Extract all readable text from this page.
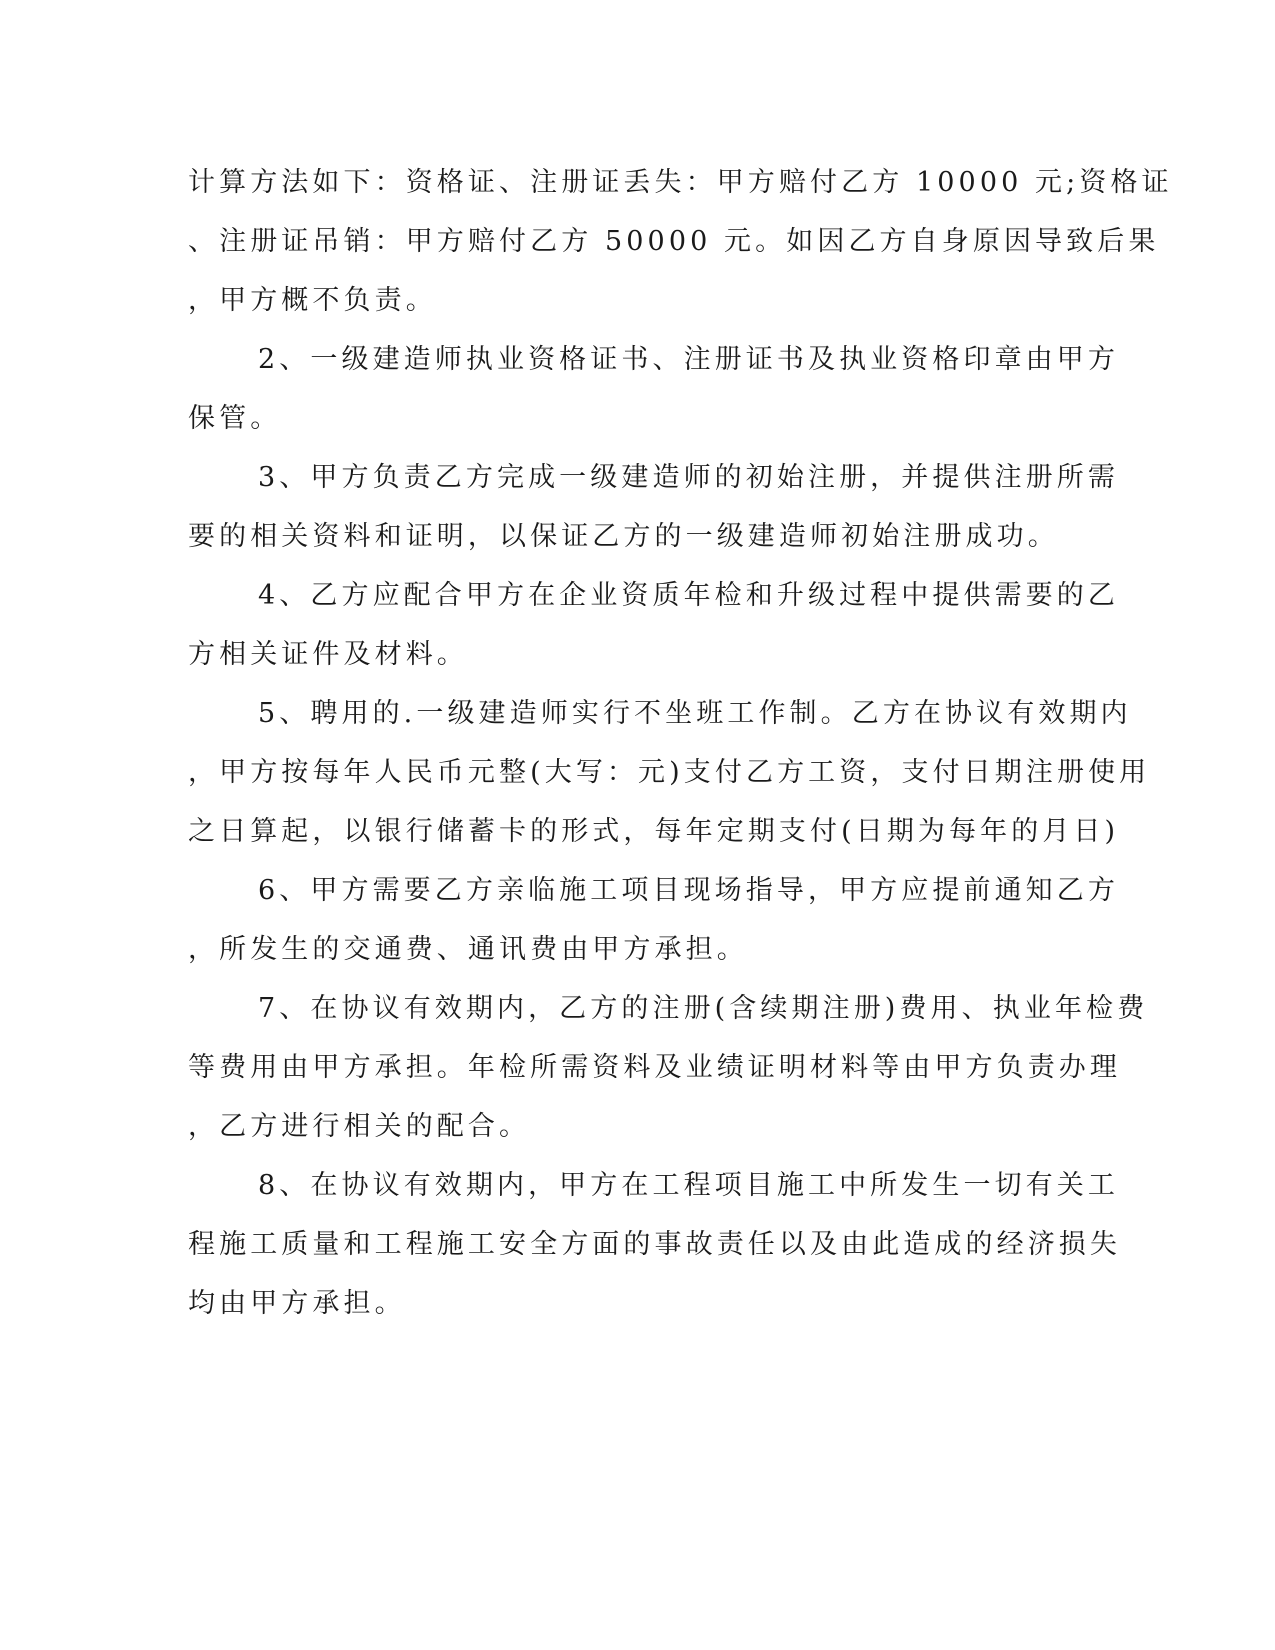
计算方法如下：资格证、注册证丢失：甲方赔付乙方 10000 元;资格证
、注册证吊销：甲方赔付乙方 50000 元。如因乙方自身原因导致后果
，甲方概不负责。
2、一级建造师执业资格证书、注册证书及执业资格印章由甲方
保管。
3、甲方负责乙方完成一级建造师的初始注册，并提供注册所需
要的相关资料和证明，以保证乙方的一级建造师初始注册成功。
4、乙方应配合甲方在企业资质年检和升级过程中提供需要的乙
方相关证件及材料。
5、聘用的.一级建造师实行不坐班工作制。乙方在协议有效期内
，甲方按每年人民币元整(大写：元)支付乙方工资，支付日期注册使用
之日算起，以银行储蓄卡的形式，每年定期支付(日期为每年的月日)
6、甲方需要乙方亲临施工项目现场指导，甲方应提前通知乙方
，所发生的交通费、通讯费由甲方承担。
7、在协议有效期内，乙方的注册(含续期注册)费用、执业年检费
等费用由甲方承担。年检所需资料及业绩证明材料等由甲方负责办理
，乙方进行相关的配合。
8、在协议有效期内，甲方在工程项目施工中所发生一切有关工
程施工质量和工程施工安全方面的事故责任以及由此造成的经济损失
均由甲方承担。
